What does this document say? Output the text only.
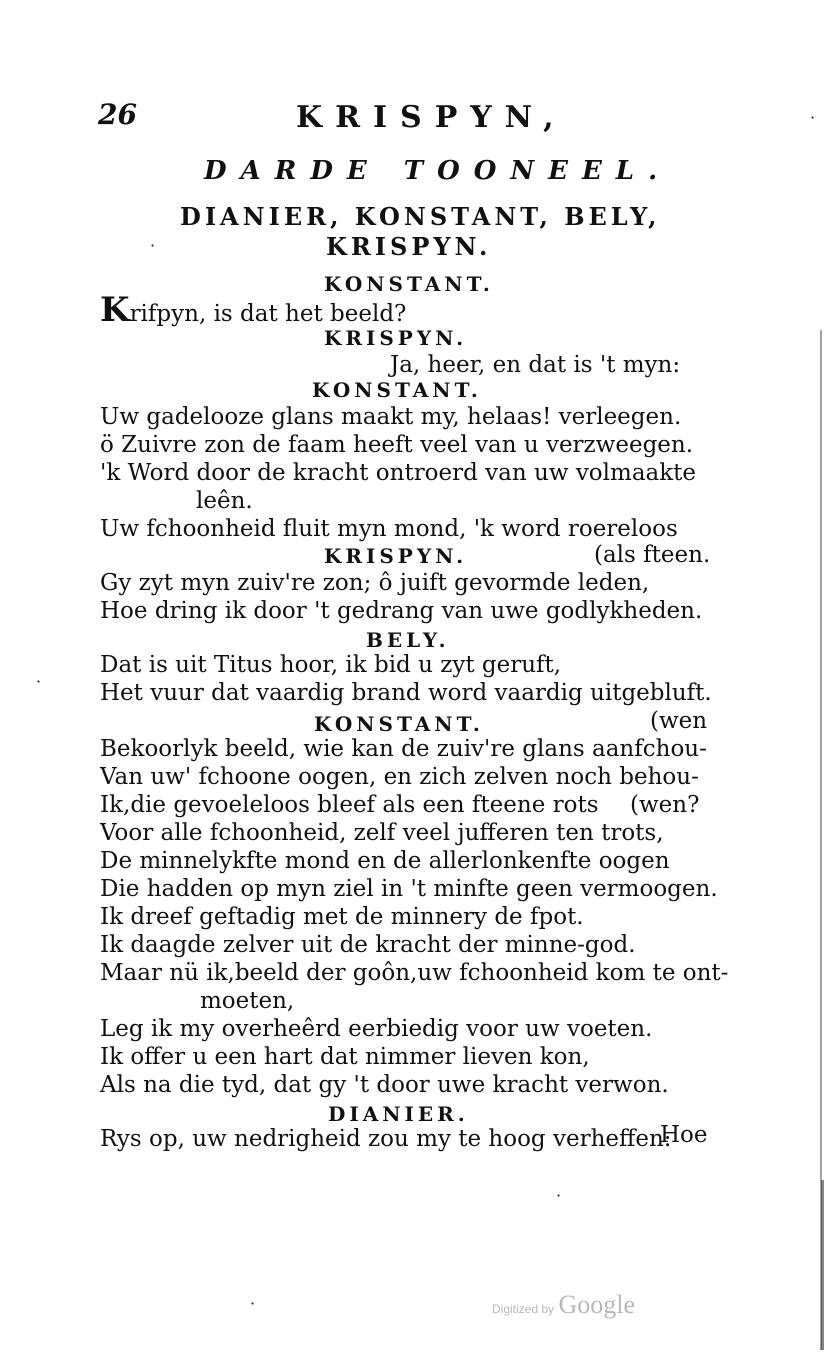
26	KRISPYN,
DARDE TOONEEL.
DIANIER, KONSTANT, BELY,
KRISPYN.
KONSTANT.
Krifpyn, is dat het beeld?
KRISPYN.
Ja, heer, en dat is 't myn:
KONSTANT.
Uw gadelooze glans maakt my, helaas! verleegen.
ö Zuivre zon de faam heeft veel van u verzweegen.
'k Word door de kracht ontroerd van uw volmaakte
leên.
Uw fchoonheid fluit myn mond, 'k word roereloos
KRISPYN.	(als fteen.
Gy zyt myn zuiv're zon; ô juift gevormde leden,
Hoe dring ik door 't gedrang van uwe godlykheden.
BELY.
Dat is uit Titus hoor, ik bid u zyt geruft,
Het vuur dat vaardig brand word vaardig uitgebluft.
KONSTANT.	(wen
Bekoorlyk beeld, wie kan de zuiv're glans aanfchou-
Van uw' fchoone oogen, en zich zelven noch behou-
Ik,die gevoeleloos bleef als een fteene rots (wen?
Voor alle fchoonheid, zelf veel jufferen ten trots,
De minnelykfte mond en de allerlonkenfte oogen
Die hadden op myn ziel in 't minfte geen vermoogen.
Ik dreef geftadig met de minnery de fpot.
Ik daagde zelver uit de kracht der minne-god.
Maar nü ik,beeld der goôn,uw fchoonheid kom te ont-
moeten,
Leg ik my overheêrd eerbiedig voor uw voeten.
Ik offer u een hart dat nimmer lieven kon,
Als na die tyd, dat gy 't door uwe kracht verwon.
DIANIER.
Rys op, uw nedrigheid zou my te hoog verheffen:
Hoe
·
·
·
·
·	Digitized by Google
